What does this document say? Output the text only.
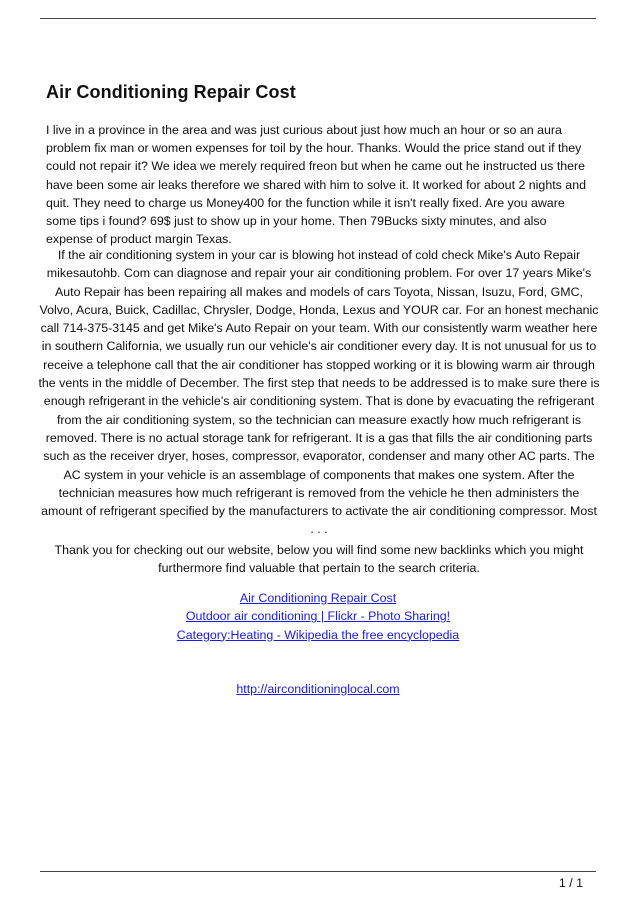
Air Conditioning Repair Cost

I live in a province in the area and was just curious about just how much an hour or so an aura problem fix man or women expenses for toil by the hour. Thanks. Would the price stand out if they could not repair it? We idea we merely required freon but when he came out he instructed us there have been some air leaks therefore we shared with him to solve it. It worked for about 2 nights and quit. They need to charge us Money400 for the function while it isn't really fixed. Are you aware some tips i found? 69$ just to show up in your home. Then 79Bucks sixty minutes, and also expense of product margin Texas.

If the air conditioning system in your car is blowing hot instead of cold check Mike's Auto Repair mikesautohb. Com can diagnose and repair your air conditioning problem. For over 17 years Mike's Auto Repair has been repairing all makes and models of cars Toyota, Nissan, Isuzu, Ford, GMC, Volvo, Acura, Buick, Cadillac, Chrysler, Dodge, Honda, Lexus and YOUR car. For an honest mechanic call 714-375-3145 and get Mike's Auto Repair on your team. With our consistently warm weather here in southern California, we usually run our vehicle's air conditioner every day. It is not unusual for us to receive a telephone call that the air conditioner has stopped working or it is blowing warm air through the vents in the middle of December. The first step that needs to be addressed is to make sure there is enough refrigerant in the vehicle's air conditioning system. That is done by evacuating the refrigerant from the air conditioning system, so the technician can measure exactly how much refrigerant is removed. There is no actual storage tank for refrigerant. It is a gas that fills the air conditioning parts such as the receiver dryer, hoses, compressor, evaporator, condenser and many other AC parts. The AC system in your vehicle is an assemblage of components that makes one system. After the technician measures how much refrigerant is removed from the vehicle he then administers the amount of refrigerant specified by the manufacturers to activate the air conditioning compressor. Most . . .

Thank you for checking out our website, below you will find some new backlinks which you might furthermore find valuable that pertain to the search criteria.

Air Conditioning Repair Cost
Outdoor air conditioning | Flickr - Photo Sharing!
Category:Heating - Wikipedia the free encyclopedia
http://airconditioninglocal.com
1 / 1
